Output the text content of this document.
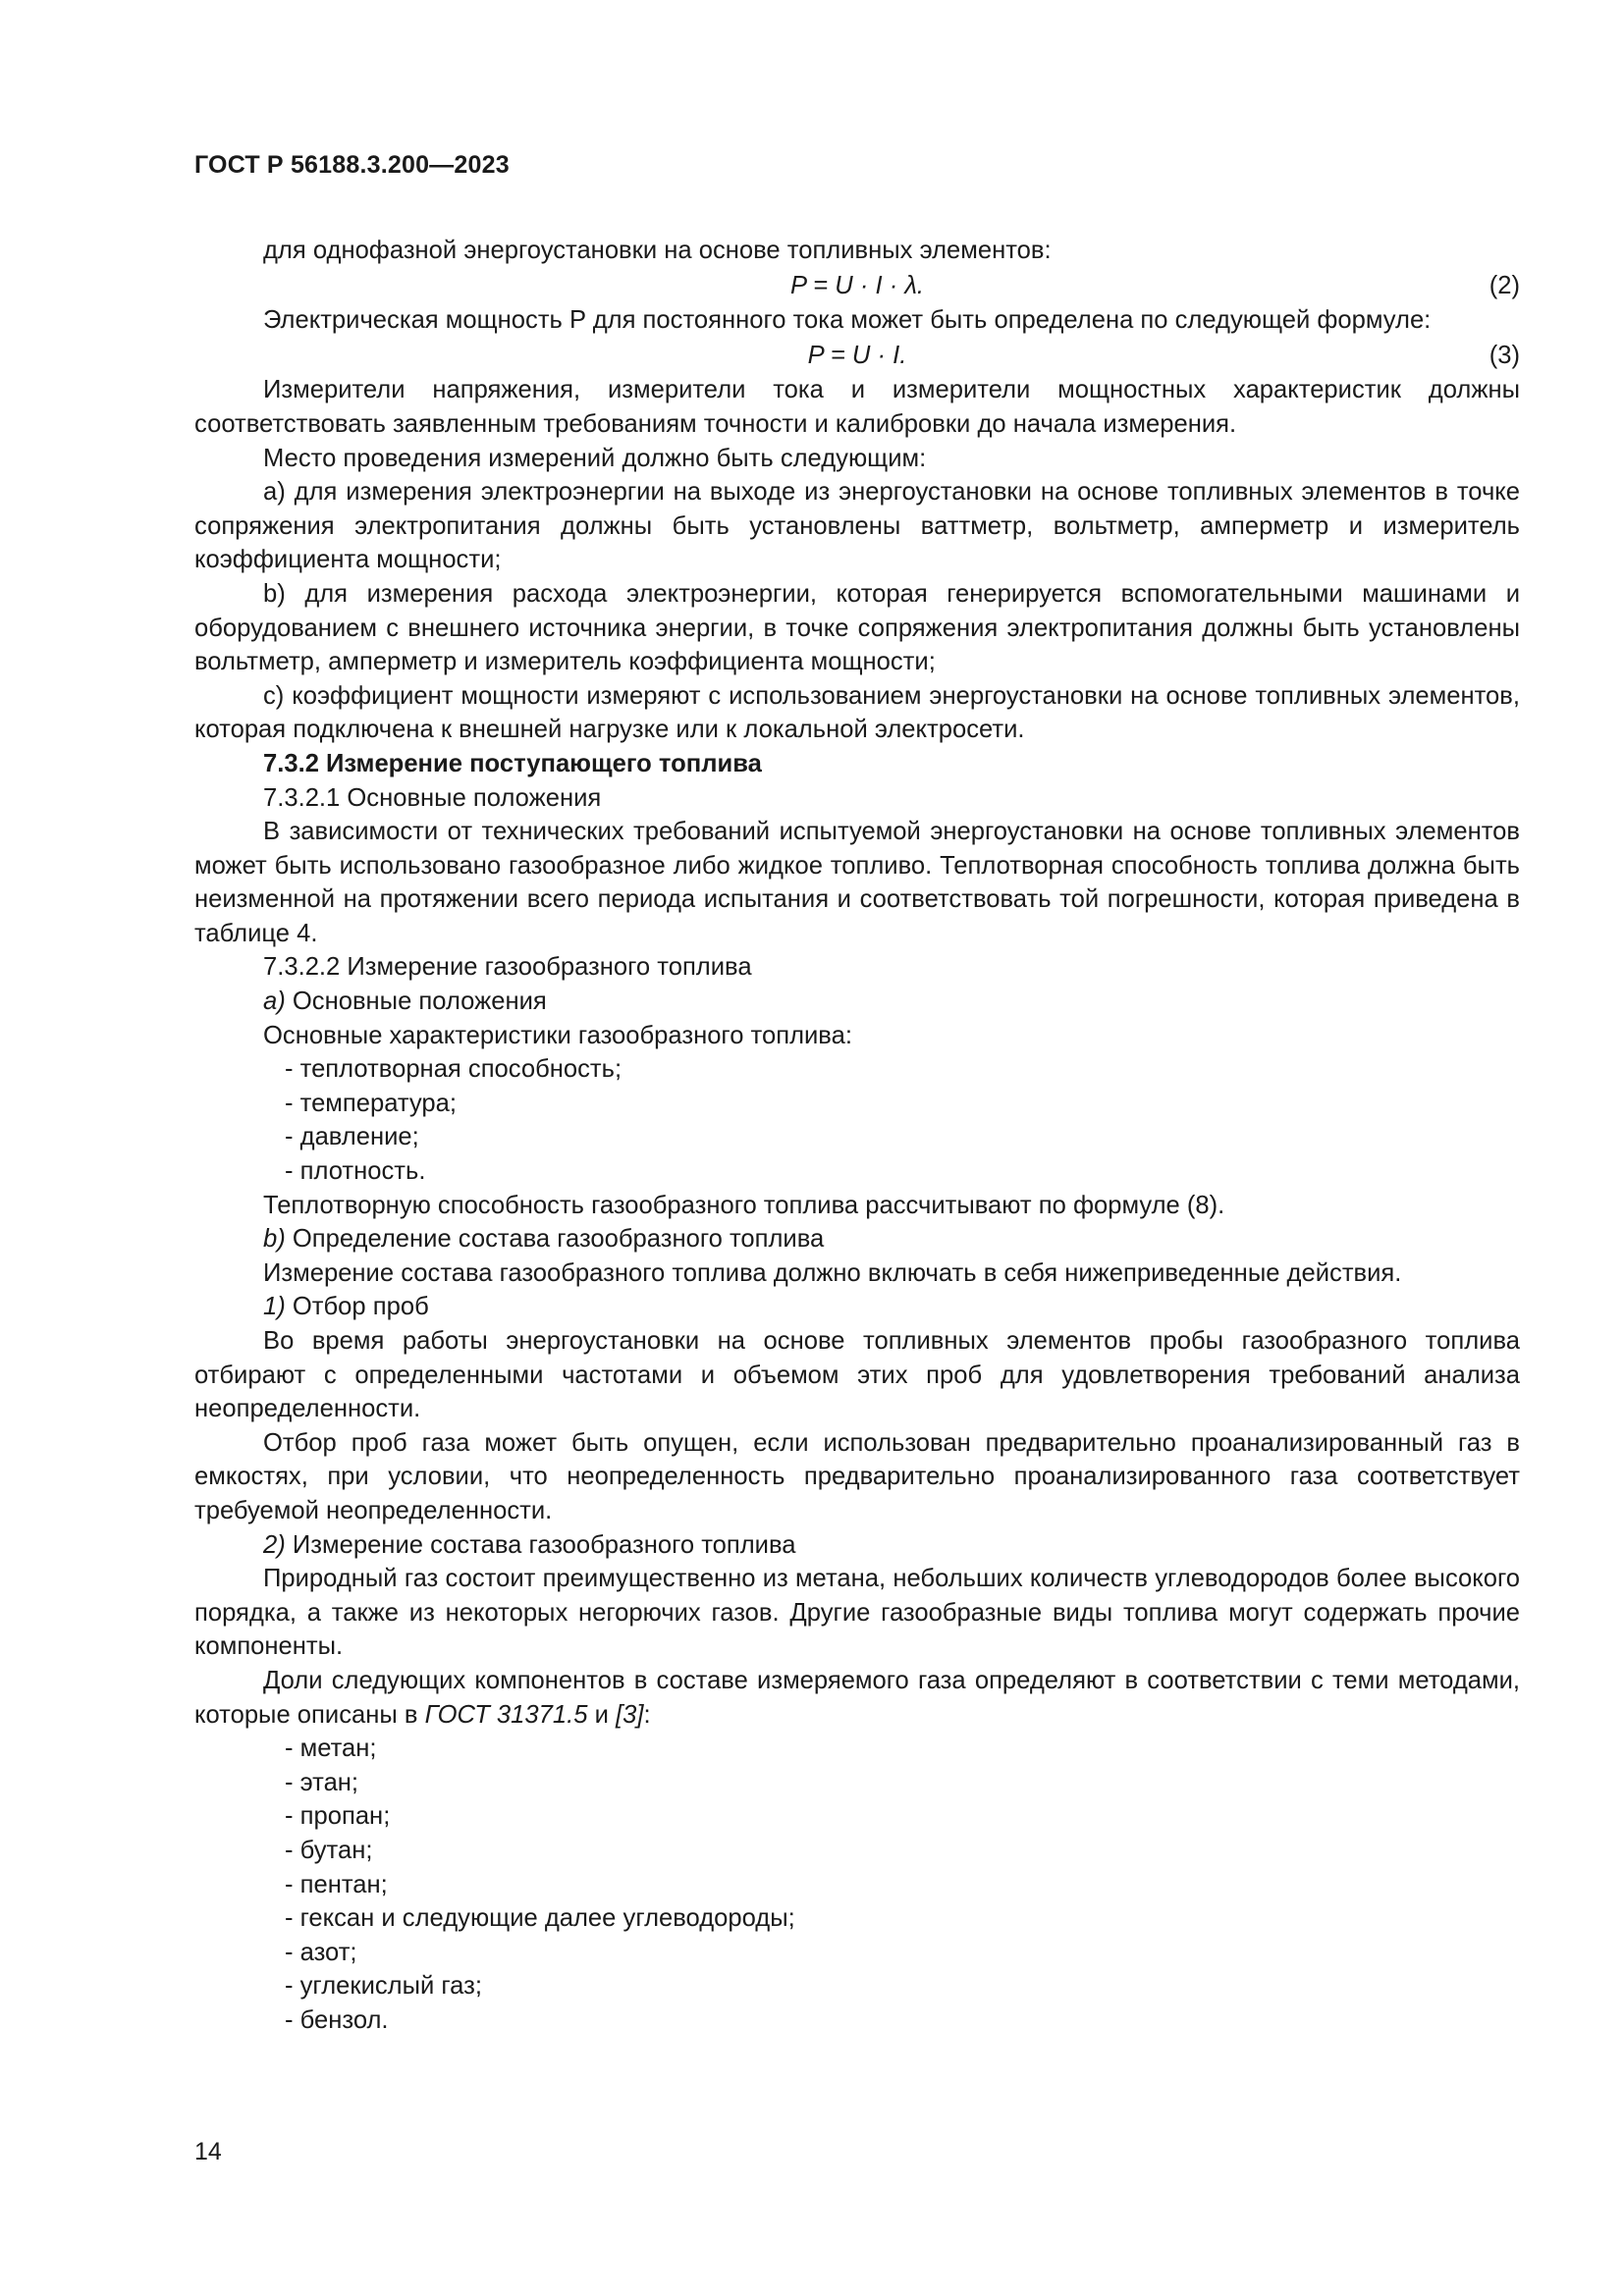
ГОСТ Р 56188.3.200—2023

для однофазной энергоустановки на основе топливных элементов:

P = U · I · λ.	(2)

Электрическая мощность P для постоянного тока может быть определена по следующей формуле:

P = U · I.	(3)

Измерители напряжения, измерители тока и измерители мощностных характеристик должны соответствовать заявленным требованиям точности и калибровки до начала измерения.

Место проведения измерений должно быть следующим:

a) для измерения электроэнергии на выходе из энергоустановки на основе топливных элементов в точке сопряжения электропитания должны быть установлены ваттметр, вольтметр, амперметр и измеритель коэффициента мощности;

b) для измерения расхода электроэнергии, которая генерируется вспомогательными машинами и оборудованием с внешнего источника энергии, в точке сопряжения электропитания должны быть установлены вольтметр, амперметр и измеритель коэффициента мощности;

c) коэффициент мощности измеряют с использованием энергоустановки на основе топливных элементов, которая подключена к внешней нагрузке или к локальной электросети.

7.3.2 Измерение поступающего топлива

7.3.2.1 Основные положения

В зависимости от технических требований испытуемой энергоустановки на основе топливных элементов может быть использовано газообразное либо жидкое топливо. Теплотворная способность топлива должна быть неизменной на протяжении всего периода испытания и соответствовать той погрешности, которая приведена в таблице 4.

7.3.2.2 Измерение газообразного топлива

a) Основные положения

Основные характеристики газообразного топлива:

- теплотворная способность;

- температура;

- давление;

- плотность.

Теплотворную способность газообразного топлива рассчитывают по формуле (8).

b) Определение состава газообразного топлива

Измерение состава газообразного топлива должно включать в себя нижеприведенные действия.

1) Отбор проб

Во время работы энергоустановки на основе топливных элементов пробы газообразного топлива отбирают с определенными частотами и объемом этих проб для удовлетворения требований анализа неопределенности.

Отбор проб газа может быть опущен, если использован предварительно проанализированный газ в емкостях, при условии, что неопределенность предварительно проанализированного газа соответствует требуемой неопределенности.

2) Измерение состава газообразного топлива

Природный газ состоит преимущественно из метана, небольших количеств углеводородов более высокого порядка, а также из некоторых негорючих газов. Другие газообразные виды топлива могут содержать прочие компоненты.

Доли следующих компонентов в составе измеряемого газа определяют в соответствии с теми методами, которые описаны в ГОСТ 31371.5 и [3]:

- метан;

- этан;

- пропан;

- бутан;

- пентан;

- гексан и следующие далее углеводороды;

- азот;

- углекислый газ;

- бензол.

14
